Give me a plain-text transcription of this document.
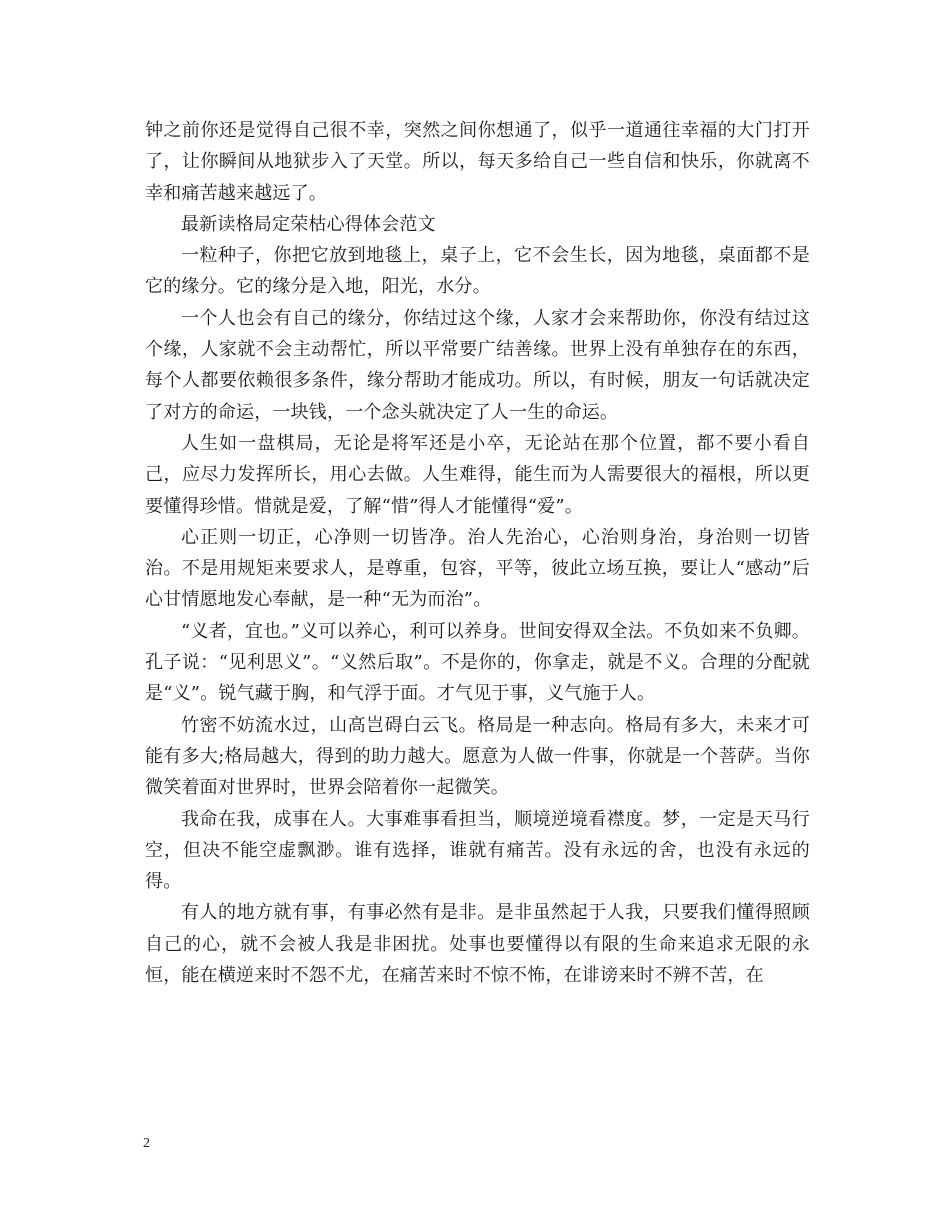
钟之前你还是觉得自己很不幸，突然之间你想通了，似乎一道通往幸福的大门打开了，让你瞬间从地狱步入了天堂。所以，每天多给自己一些自信和快乐，你就离不幸和痛苦越来越远了。

最新读格局定荣枯心得体会范文

一粒种子，你把它放到地毯上，桌子上，它不会生长，因为地毯，桌面都不是它的缘分。它的缘分是入地，阳光，水分。

一个人也会有自己的缘分，你结过这个缘，人家才会来帮助你，你没有结过这个缘，人家就不会主动帮忙，所以平常要广结善缘。世界上没有单独存在的东西，每个人都要依赖很多条件，缘分帮助才能成功。所以，有时候，朋友一句话就决定了对方的命运，一块钱，一个念头就决定了人一生的命运。

人生如一盘棋局，无论是将军还是小卒，无论站在那个位置，都不要小看自己，应尽力发挥所长，用心去做。人生难得，能生而为人需要很大的福根，所以更要懂得珍惜。惜就是爱，了解“惜”得人才能懂得“爱”。

心正则一切正，心净则一切皆净。治人先治心，心治则身治，身治则一切皆治。不是用规矩来要求人，是尊重，包容，平等，彼此立场互换，要让人“感动”后心甘情愿地发心奉献，是一种“无为而治”。

“义者，宜也。”义可以养心，利可以养身。世间安得双全法。不负如来不负卿。孔子说：“见利思义”。“义然后取”。不是你的，你拿走，就是不义。合理的分配就是“义”。锐气藏于胸，和气浮于面。才气见于事，义气施于人。

竹密不妨流水过，山高岂碍白云飞。格局是一种志向。格局有多大，未来才可能有多大;格局越大，得到的助力越大。愿意为人做一件事，你就是一个菩萨。当你微笑着面对世界时，世界会陪着你一起微笑。

我命在我，成事在人。大事难事看担当，顺境逆境看襟度。梦，一定是天马行空，但决不能空虚飘渺。谁有选择，谁就有痛苦。没有永远的舍，也没有永远的得。

有人的地方就有事，有事必然有是非。是非虽然起于人我，只要我们懂得照顾自己的心，就不会被人我是非困扰。处事也要懂得以有限的生命来追求无限的永恒，能在横逆来时不怨不尤，在痛苦来时不惊不怖，在诽谤来时不辨不苦，在

2
